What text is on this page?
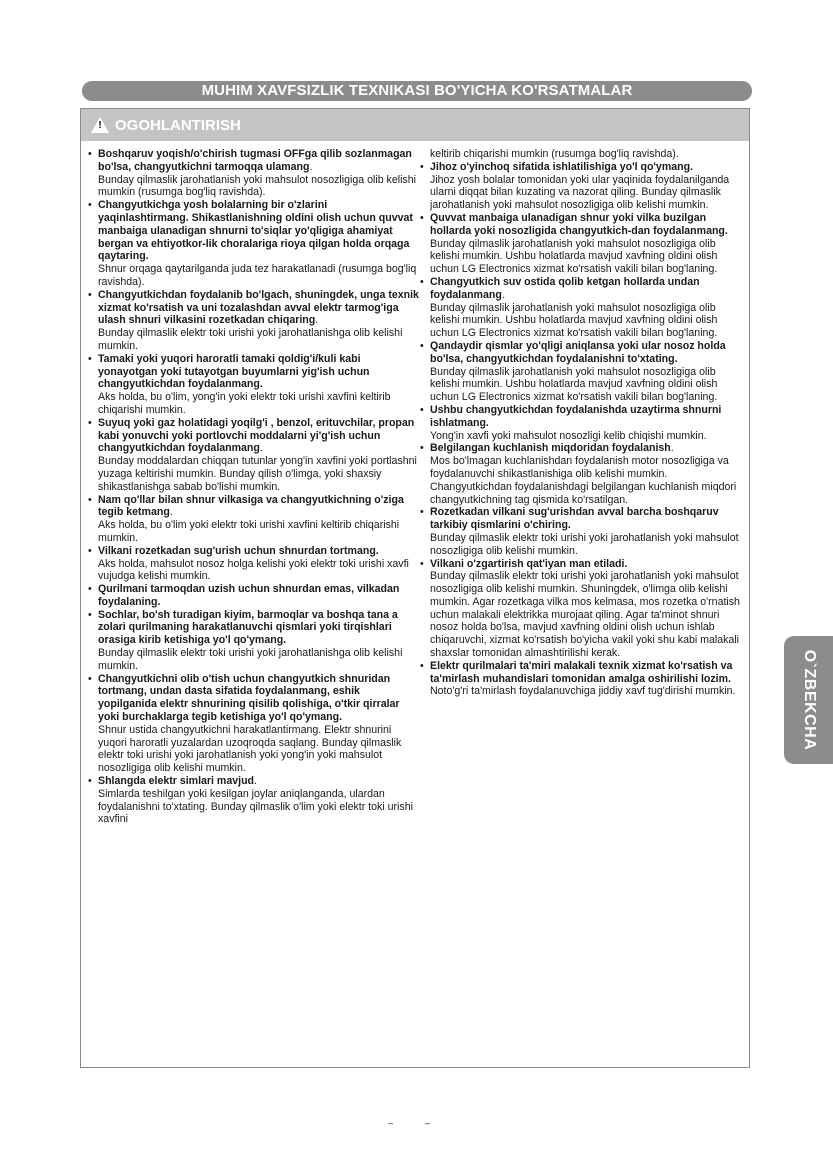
MUHIM XAVFSIZLIK TEXNIKASI BO'YICHA KO'RSATMALAR
! OGOHLANTIRISH
• Boshqaruv yoqish/o'chirish tugmasi OFFga qilib sozlanmagan bo'lsa, changyutkichni tarmoqqa ulamang.
Bunday qilmaslik jarohatlanish yoki mahsulot nosozligiga olib kelishi mumkin (rusumga bog'liq ravishda).
• Changyutkichga yosh bolalarning bir o'zlarini yaqinlashtirmang. Shikastlanishning oldini olish uchun quvvat manbaiga ulanadigan shnurni to'siqlar yo'qligiga ahamiyat bergan va ehtiyotkor-lik choralariga rioya qilgan holda orqaga qaytaring.
Shnur orqaga qaytarilganda juda tez harakatlanadi (rusumga bog'liq ravishda).
• Changyutkichdan foydalanib bo'lgach, shuningdek, unga texnik xizmat ko'rsatish va uni tozalashdan avval elektr tarmog'iga ulash shnuri vilkasini rozetkadan chiqaring.
Bunday qilmaslik elektr toki urishi yoki jarohatlanishga olib kelishi mumkin.
• Tamaki yoki yuqori haroratli tamaki qoldig'i/kuli kabi yonayotgan yoki tutayotgan buyumlarni yig'ish uchun changyutkichdan foydalanmang.
Aks holda, bu o'lim, yong'in yoki elektr toki urishi xavfini keltirib chiqarishi mumkin.
• Suyuq yoki gaz holatidagi yoqilg'i , benzol, erituvchilar, propan kabi yonuvchi yoki portlovchi moddalarni yi'g'ish uchun changyutkichdan foydalanmang.
Bunday moddalardan chiqqan tutunlar yong'in xavfini yoki portlashni yuzaga keltirishi mumkin. Bunday qilish o'limga, yoki shaxsiy shikastlanishga sabab bo'lishi mumkin.
• Nam qo'llar bilan shnur vilkasiga va changyutkichning o'ziga tegib ketmang.
Aks holda, bu o'lim yoki elektr toki urishi xavfini keltirib chiqarishi mumkin.
• Vilkani rozetkadan sug'urish uchun shnurdan tortmang.
Aks holda, mahsulot nosoz holga kelishi yoki elektr toki urishi xavfi vujudga kelishi mumkin.
• Qurilmani tarmoqdan uzish uchun shnurdan emas, vilkadan foydalaning.
• Sochlar, bo'sh turadigan kiyim, barmoqlar va boshqa tana a zolari qurilmaning harakatlanuvchi qismlari yoki tirqishlari orasiga kirib ketishiga yo'l qo'ymang.
Bunday qilmaslik elektr toki urishi yoki jarohatlanishga olib kelishi mumkin.
• Changyutkichni olib o'tish uchun changyutkich shnuridan tortmang, undan dasta sifatida foydalanmang, eshik yopilganida elektr shnurining qisilib qolishiga, o'tkir qirralar yoki burchaklarga tegib ketishiga yo'l qo'ymang.
Shnur ustida changyutkichni harakatlantirmang. Elektr shnurini yuqori haroratli yuzalardan uzoqroqda saqlang. Bunday qilmaslik elektr toki urishi yoki jarohatlanish yoki yong'in yoki mahsulot nosozligiga olib kelishi mumkin.
• Shlangda elektr simlari mavjud.
Simlarda teshilgan yoki kesilgan joylar aniqlanganda, ulardan foydalanishni to'xtating. Bunday qilmaslik o'lim yoki elektr toki urishi xavfini
keltirib chiqarishi mumkin (rusumga bog'liq ravishda).
• Jihoz o'yinchoq sifatida ishlatilishiga yo'l qo'ymang.
Jihoz yosh bolalar tomonidan yoki ular yaqinida foydalanilganda ularni diqqat bilan kuzating va nazorat qiling. Bunday qilmaslik jarohatlanish yoki mahsulot nosozligiga olib kelishi mumkin.
• Quvvat manbaiga ulanadigan shnur yoki vilka buzilgan hollarda yoki nosozligida changyutkich-dan foydalanmang.
Bunday qilmaslik jarohatlanish yoki mahsulot nosozligiga olib kelishi mumkin. Ushbu holatlarda mavjud xavfning oldini olish uchun LG Electronics xizmat ko'rsatish vakili bilan bog'laning.
• Changyutkich suv ostida qolib ketgan hollarda undan foydalanmang.
Bunday qilmaslik jarohatlanish yoki mahsulot nosozligiga olib kelishi mumkin. Ushbu holatlarda mavjud xavfning oldini olish uchun LG Electronics xizmat ko'rsatish vakili bilan bog'laning.
• Qandaydir qismlar yo'qligi aniqlansa yoki ular nosoz holda bo'lsa, changyutkichdan foydalanishni to'xtating.
Bunday qilmaslik jarohatlanish yoki mahsulot nosozligiga olib kelishi mumkin. Ushbu holatlarda mavjud xavfning oldini olish uchun LG Electronics xizmat ko'rsatish vakili bilan bog'laning.
• Ushbu changyutkichdan foydalanishda uzaytirma shnurni ishlatmang.
Yong'in xavfi yoki mahsulot nosozligi kelib chiqishi mumkin.
• Belgilangan kuchlanish miqdoridan foydalanish.
Mos bo'lmagan kuchlanishdan foydalanish motor nosozligiga va foydalanuvchi shikastlanishiga olib kelishi mumkin. Changyutkichdan foydalanishdagi belgilangan kuchlanish miqdori changyutkichning tag qismida ko'rsatilgan.
• Rozetkadan vilkani sug'urishdan avval barcha boshqaruv tarkibiy qismlarini o'chiring.
Bunday qilmaslik elektr toki urishi yoki jarohatlanish yoki mahsulot nosozligiga olib kelishi mumkin.
• Vilkani o'zgartirish qat'iyan man etiladi.
Bunday qilmaslik elektr toki urishi yoki jarohatlanish yoki mahsulot nosozligiga olib kelishi mumkin. Shuningdek, o'limga olib kelishi mumkin. Agar rozetkaga vilka mos kelmasa, mos rozetka o'rnatish uchun malakali elektrikka murojaat qiling. Agar ta'minot shnuri nosoz holda bo'lsa, mavjud xavfning oldini olish uchun ishlab chiqaruvchi, xizmat ko'rsatish bo'yicha vakil yoki shu kabi malakali shaxslar tomonidan almashtirilishi kerak.
• Elektr qurilmalari ta'miri malakali texnik xizmat ko'rsatish va ta'mirlash muhandislari tomonidan amalga oshirilishi lozim.
Noto'g'ri ta'mirlash foydalanuvchiga jiddiy xavf tug'dirishi mumkin.	O`ZBEKCHA
–	–
